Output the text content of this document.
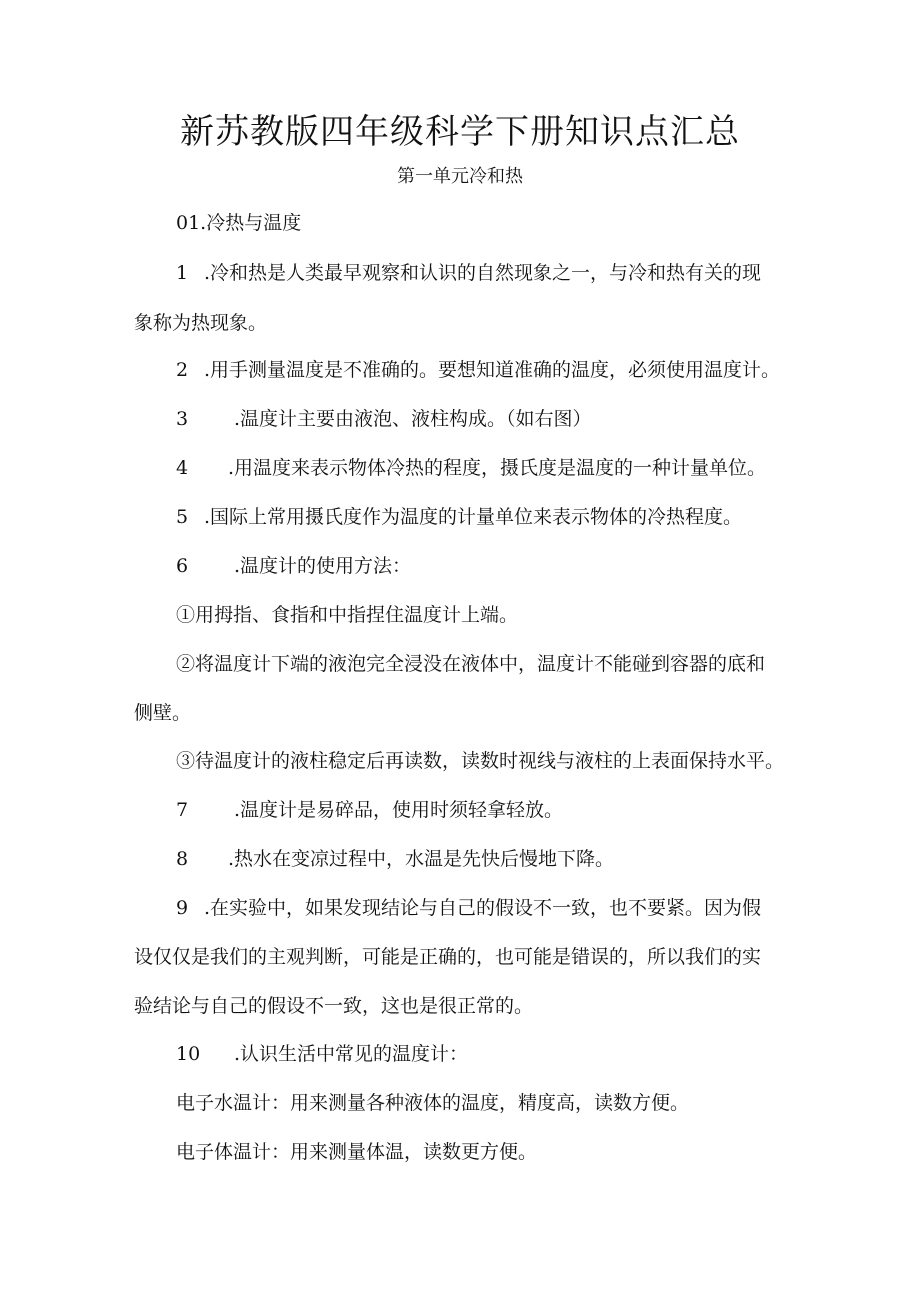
新苏教版四年级科学下册知识点汇总
第一单元冷和热
01.冷热与温度
1 .冷和热是人类最早观察和认识的自然现象之一，与冷和热有关的现
象称为热现象。
2 .用手测量温度是不准确的。要想知道准确的温度，必须使用温度计。
3 .温度计主要由液泡、液柱构成。（如右图）
4 .用温度来表示物体冷热的程度，摄氏度是温度的一种计量单位。
5 .国际上常用摄氏度作为温度的计量单位来表示物体的冷热程度。
6 .温度计的使用方法：
①用拇指、食指和中指捏住温度计上端。
②将温度计下端的液泡完全浸没在液体中，温度计不能碰到容器的底和
侧壁。
③待温度计的液柱稳定后再读数，读数时视线与液柱的上表面保持水平。
7 .温度计是易碎品，使用时须轻拿轻放。
8 .热水在变凉过程中，水温是先快后慢地下降。
9 .在实验中，如果发现结论与自己的假设不一致，也不要紧。因为假
设仅仅是我们的主观判断，可能是正确的，也可能是错误的，所以我们的实
验结论与自己的假设不一致，这也是很正常的。
10 .认识生活中常见的温度计：
电子水温计：用来测量各种液体的温度，精度高，读数方便。
电子体温计：用来测量体温，读数更方便。
